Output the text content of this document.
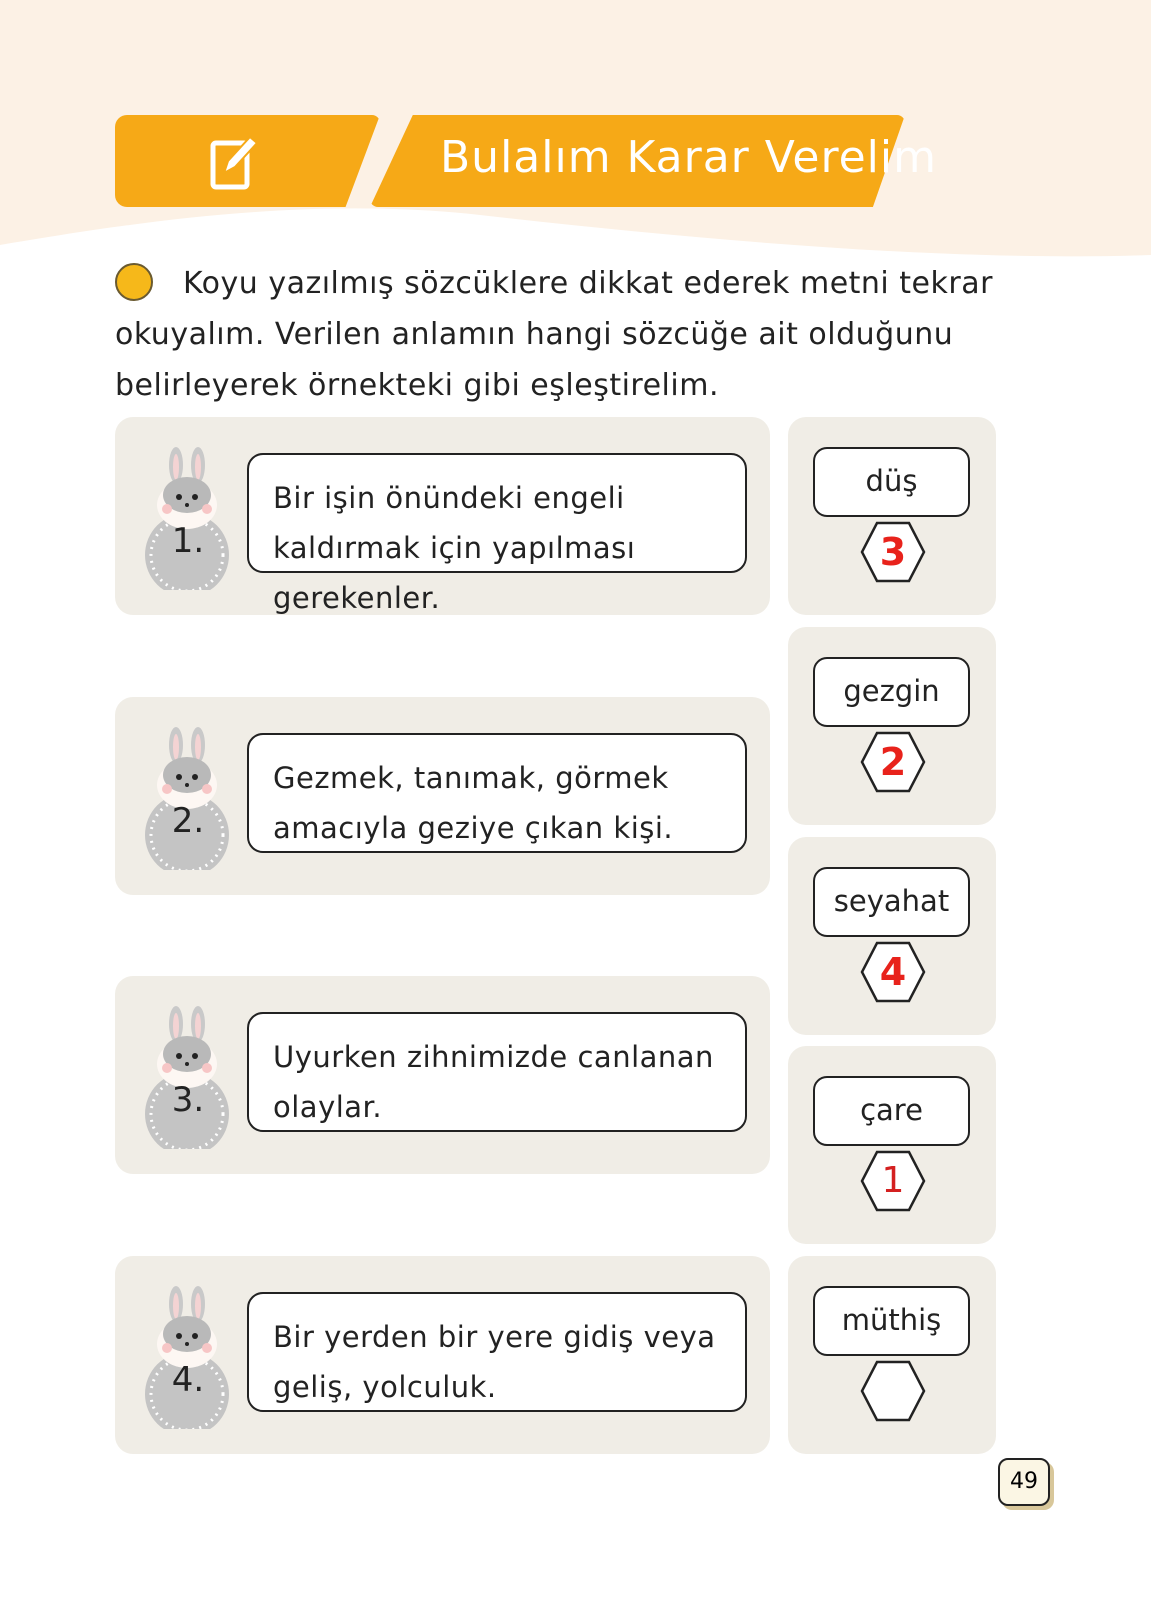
Bulalım Karar Verelim
Koyu yazılmış sözcüklere dikkat ederek metni tekrar okuyalım. Verilen anlamın hangi sözcüğe ait olduğunu belirleyerek örnekteki gibi eşleştirelim.
1.
Bir işin önündeki engeli kaldırmak için yapılması gerekenler.
2.
Gezmek, tanımak, görmek amacıyla geziye çıkan kişi.
3.
Uyurken zihnimizde canlanan olaylar.
4.
Bir yerden bir yere gidiş veya geliş, yolculuk.
düş
3
gezgin
2
seyahat
4
çare
1
müthiş
49
